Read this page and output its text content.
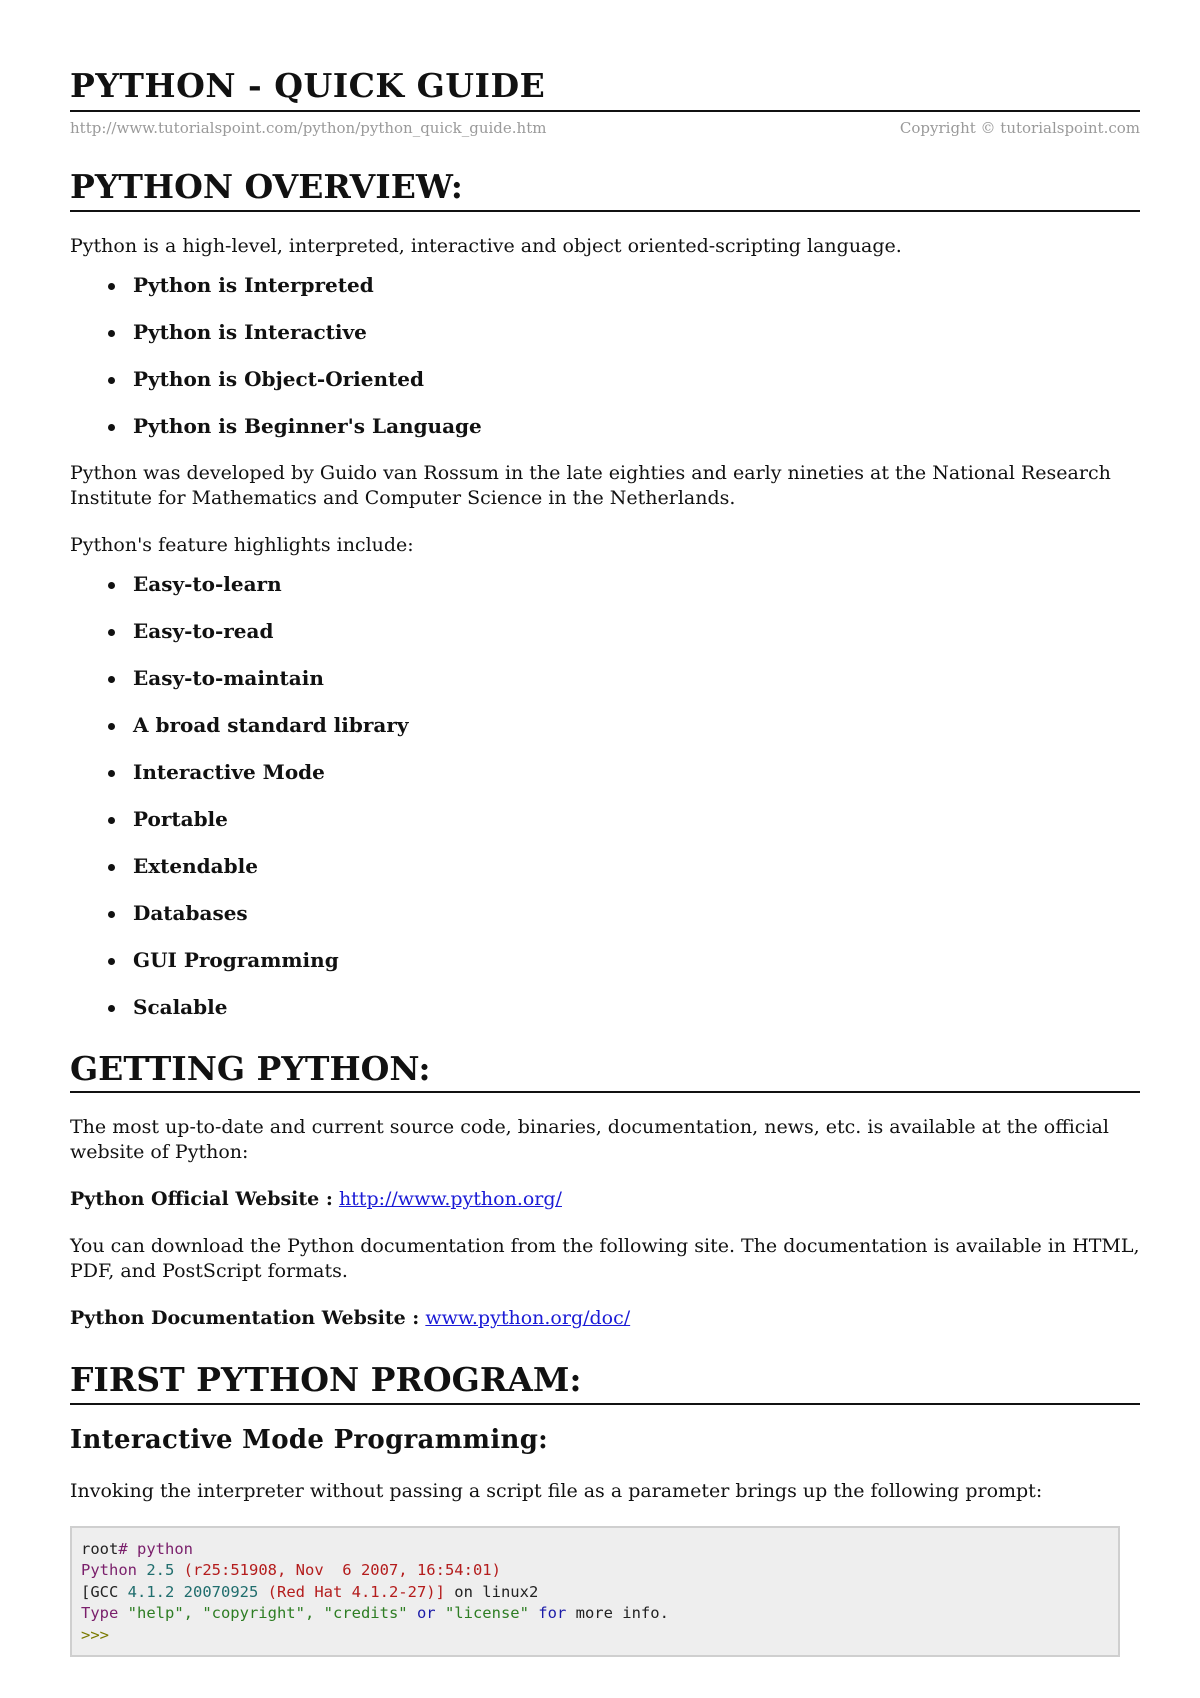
PYTHON - QUICK GUIDE
http://www.tutorialspoint.com/python/python_quick_guide.htm	Copyright © tutorialspoint.com
PYTHON OVERVIEW:

Python is a high-level, interpreted, interactive and object oriented-scripting language.

Python is Interpreted
Python is Interactive
Python is Object-Oriented
Python is Beginner's Language

Python was developed by Guido van Rossum in the late eighties and early nineties at the National Research Institute for Mathematics and Computer Science in the Netherlands.

Python's feature highlights include:

Easy-to-learn
Easy-to-read
Easy-to-maintain
A broad standard library
Interactive Mode
Portable
Extendable
Databases
GUI Programming
Scalable
GETTING PYTHON:

The most up-to-date and current source code, binaries, documentation, news, etc. is available at the official website of Python:

Python Official Website : http://www.python.org/

You can download the Python documentation from the following site. The documentation is available in HTML, PDF, and PostScript formats.

Python Documentation Website : www.python.org/doc/

FIRST PYTHON PROGRAM:
Interactive Mode Programming:

Invoking the interpreter without passing a script file as a parameter brings up the following prompt:

root# python
Python 2.5 (r25:51908, Nov  6 2007, 16:54:01)
[GCC 4.1.2 20070925 (Red Hat 4.1.2-27)] on linux2
Type "help", "copyright", "credits" or "license" for more info.
>>>
